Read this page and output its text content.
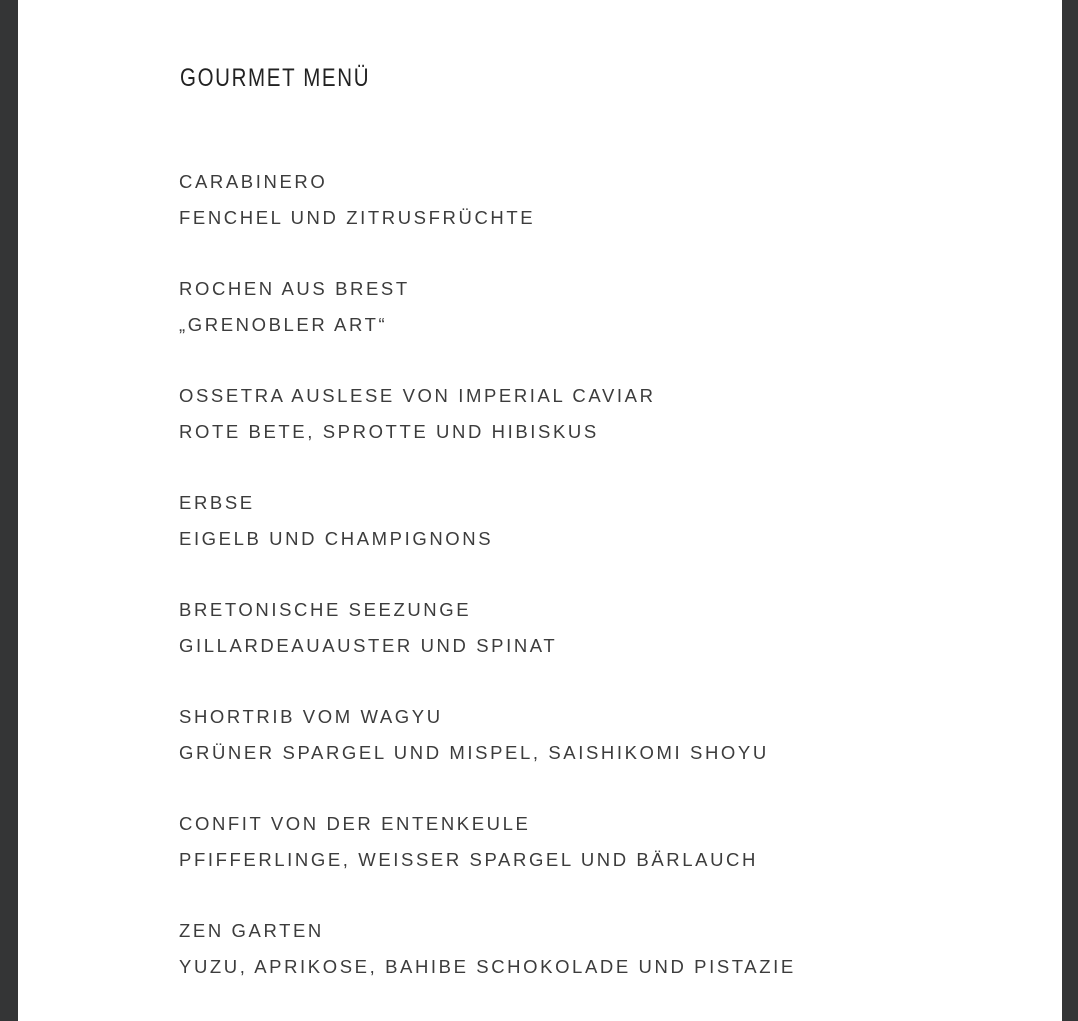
GOURMET MENÜ
CARABINERO
FENCHEL UND ZITRUSFRÜCHTE
ROCHEN AUS BREST
„GRENOBLER ART“
OSSETRA AUSLESE VON IMPERIAL CAVIAR
ROTE BETE, SPROTTE UND HIBISKUS
ERBSE
EIGELB UND CHAMPIGNONS
BRETONISCHE SEEZUNGE
GILLARDEAUAUSTER UND SPINAT
SHORTRIB VOM WAGYU
GRÜNER SPARGEL UND MISPEL, SAISHIKOMI SHOYU
CONFIT VON DER ENTENKEULE
PFIFFERLINGE, WEISSER SPARGEL UND BÄRLAUCH
ZEN GARTEN
YUZU, APRIKOSE, BAHIBE SCHOKOLADE UND PISTAZIE
